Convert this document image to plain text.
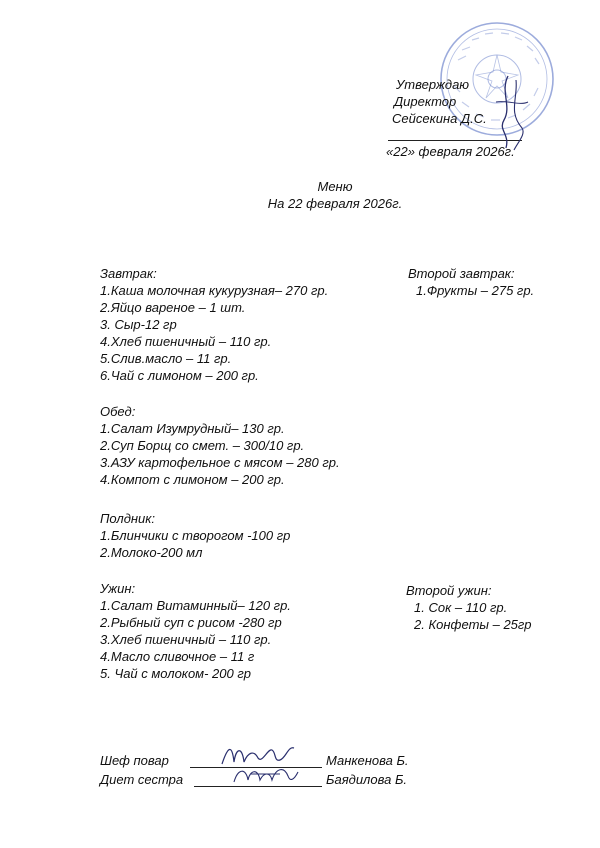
Утверждаю
Директор
Сейсекина Д.С.
«22» февраля 2026г.
Меню
На 22 февраля 2026г.
Завтрак:
1.Каша молочная кукурузная– 270 гр.
2.Яйцо вареное – 1 шт.
3. Сыр-12 гр
4.Хлеб пшеничный – 110 гр.
5.Слив.масло – 11 гр.
6.Чай с лимоном – 200 гр.
Второй завтрак:
1.Фрукты – 275 гр.
Обед:
1.Салат Изумрудный– 130 гр.
2.Суп Борщ со смет. – 300/10 гр.
3.АЗУ картофельное с мясом – 280 гр.
4.Компот с лимоном – 200 гр.
Полдник:
1.Блинчики с творогом -100 гр
2.Молоко-200 мл
Ужин:
1.Салат Витаминный– 120 гр.
2.Рыбный суп с рисом -280 гр
3.Хлеб пшеничный – 110 гр.
4.Масло сливочное – 11 г
5. Чай с молоком- 200 гр
Второй ужин:
1. Сок – 110 гр.
2. Конфеты – 25гр
Шеф повар	Манкенова Б.
Диет сестра	Баядилова Б.
